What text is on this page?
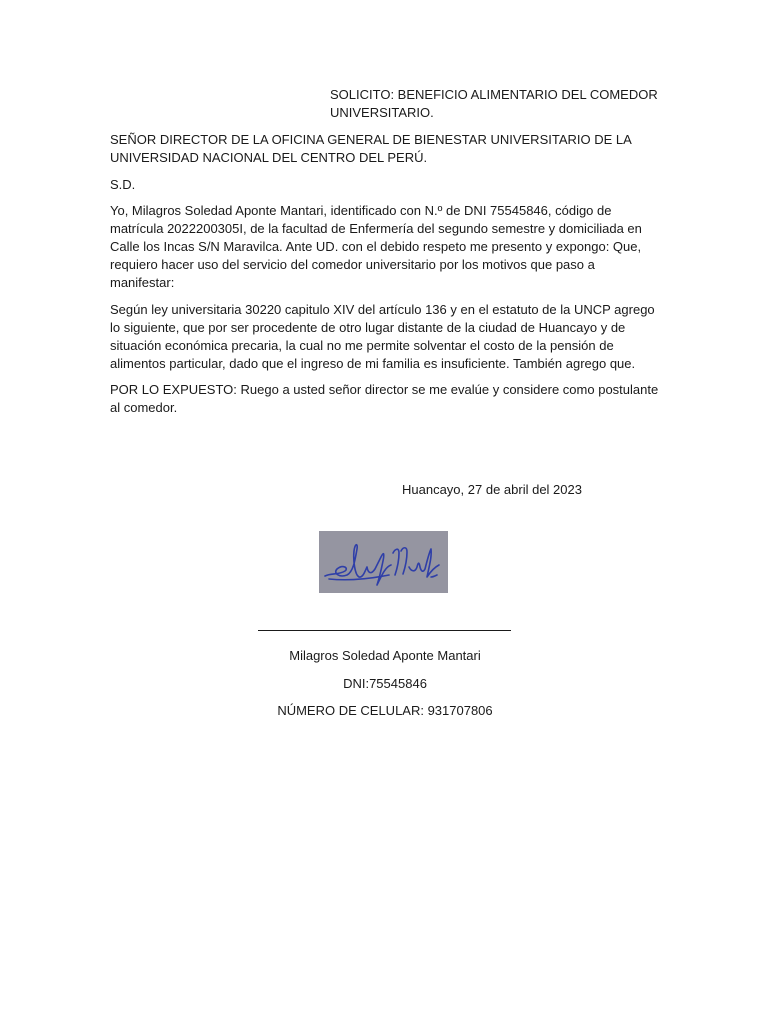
SOLICITO: BENEFICIO ALIMENTARIO DEL COMEDOR
UNIVERSITARIO.

SEÑOR DIRECTOR DE LA OFICINA GENERAL DE BIENESTAR UNIVERSITARIO DE LA UNIVERSIDAD NACIONAL DEL CENTRO DEL PERÚ.

S.D.

Yo, Milagros Soledad Aponte Mantari, identificado con N.º de DNI 75545846, código de matrícula 2022200305I, de la facultad de Enfermería del segundo semestre y domiciliada en Calle los Incas S/N Maravilca. Ante UD. con el debido respeto me presento y expongo: Que, requiero hacer uso del servicio del comedor universitario por los motivos que paso a manifestar:

Según ley universitaria 30220 capitulo XIV del artículo 136 y en el estatuto de la UNCP agrego lo siguiente, que por ser procedente de otro lugar distante de la ciudad de Huancayo y de situación económica precaria, la cual no me permite solventar el costo de la pensión de alimentos particular, dado que el ingreso de mi familia es insuficiente. También agrego que.

POR LO EXPUESTO: Ruego a usted señor director se me evalúe y considere como postulante al comedor.

Huancayo, 27 de abril del 2023

Milagros Soledad Aponte Mantari

DNI:75545846

NÚMERO DE CELULAR: 931707806
